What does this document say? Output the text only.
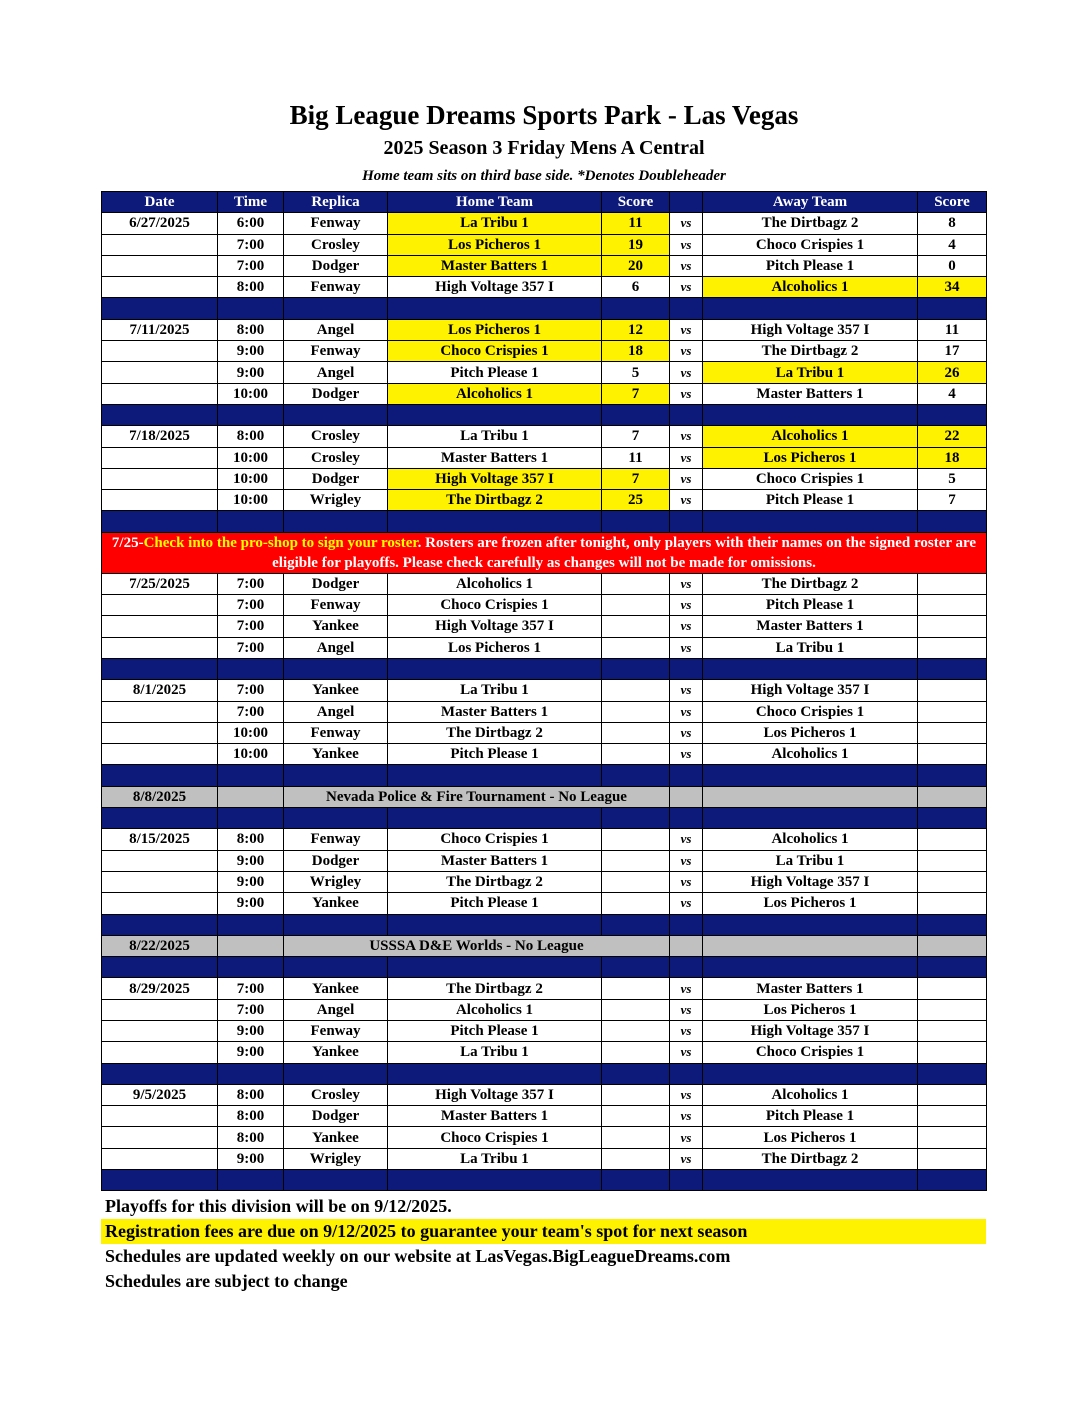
Big League Dreams Sports Park - Las Vegas
2025 Season 3 Friday Mens A Central
Home team sits on third base side. *Denotes Doubleheader
Date	Time	Replica	Home Team	Score		Away Team	Score
6/27/2025	6:00	Fenway	La Tribu 1	11	vs	The Dirtbagz 2	8
	7:00	Crosley	Los Picheros 1	19	vs	Choco Crispies 1	4
	7:00	Dodger	Master Batters 1	20	vs	Pitch Please 1	0
	8:00	Fenway	High Voltage 357 I	6	vs	Alcoholics 1	34

7/11/2025	8:00	Angel	Los Picheros 1	12	vs	High Voltage 357 I	11
	9:00	Fenway	Choco Crispies 1	18	vs	The Dirtbagz 2	17
	9:00	Angel	Pitch Please 1	5	vs	La Tribu 1	26
	10:00	Dodger	Alcoholics 1	7	vs	Master Batters 1	4

7/18/2025	8:00	Crosley	La Tribu 1	7	vs	Alcoholics 1	22
	10:00	Crosley	Master Batters 1	11	vs	Los Picheros 1	18
	10:00	Dodger	High Voltage 357 I	7	vs	Choco Crispies 1	5
	10:00	Wrigley	The Dirtbagz 2	25	vs	Pitch Please 1	7

7/25-Check into the pro-shop to sign your roster. Rosters are frozen after tonight, only players with their names on the signed roster are eligible for playoffs. Please check carefully as changes will not be made for omissions.							
7/25/2025	7:00	Dodger	Alcoholics 1		vs	The Dirtbagz 2	
	7:00	Fenway	Choco Crispies 1		vs	Pitch Please 1	
	7:00	Yankee	High Voltage 357 I		vs	Master Batters 1	
	7:00	Angel	Los Picheros 1		vs	La Tribu 1	

8/1/2025	7:00	Yankee	La Tribu 1		vs	High Voltage 357 I	
	7:00	Angel	Master Batters 1		vs	Choco Crispies 1	
	10:00	Fenway	The Dirtbagz 2		vs	Los Picheros 1	
	10:00	Yankee	Pitch Please 1		vs	Alcoholics 1	

8/8/2025		Nevada Police & Fire Tournament - No League					

8/15/2025	8:00	Fenway	Choco Crispies 1		vs	Alcoholics 1	
	9:00	Dodger	Master Batters 1		vs	La Tribu 1	
	9:00	Wrigley	The Dirtbagz 2		vs	High Voltage 357 I	
	9:00	Yankee	Pitch Please 1		vs	Los Picheros 1	

8/22/2025		USSSA D&E Worlds - No League					

8/29/2025	7:00	Yankee	The Dirtbagz 2		vs	Master Batters 1	
	7:00	Angel	Alcoholics 1		vs	Los Picheros 1	
	9:00	Fenway	Pitch Please 1		vs	High Voltage 357 I	
	9:00	Yankee	La Tribu 1		vs	Choco Crispies 1	

9/5/2025	8:00	Crosley	High Voltage 357 I		vs	Alcoholics 1	
	8:00	Dodger	Master Batters 1		vs	Pitch Please 1	
	8:00	Yankee	Choco Crispies 1		vs	Los Picheros 1	
	9:00	Wrigley	La Tribu 1		vs	The Dirtbagz 2	

Playoffs for this division will be on 9/12/2025.
Registration fees are due on 9/12/2025 to guarantee your team's spot for next season
Schedules are updated weekly on our website at LasVegas.BigLeagueDreams.com
Schedules are subject to change
